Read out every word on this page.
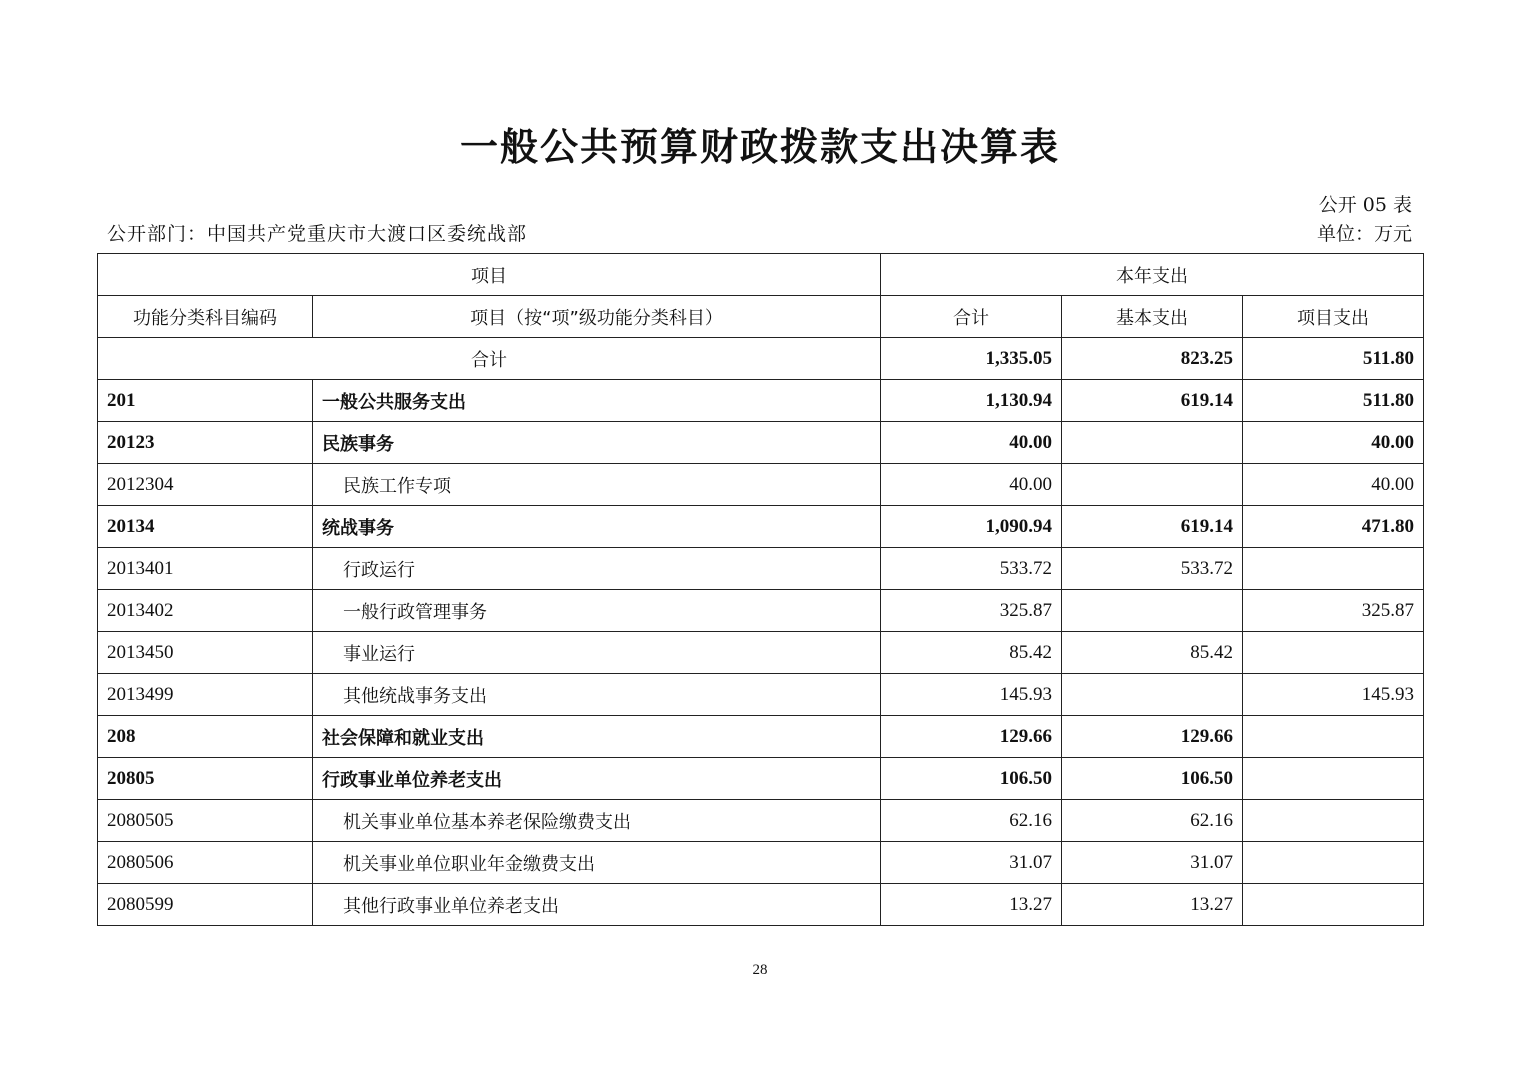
一般公共预算财政拨款支出决算表
公开 05 表
公开部门：中国共产党重庆市大渡口区委统战部	单位：万元
项目		本年支出		
功能分类科目编码	项目（按“项”级功能分类科目）	合计	基本支出	项目支出
合计		1,335.05	823.25	511.80
201	一般公共服务支出	1,130.94	619.14	511.80
20123	民族事务	40.00		40.00
2012304	民族工作专项	40.00		40.00
20134	统战事务	1,090.94	619.14	471.80
2013401	行政运行	533.72	533.72	
2013402	一般行政管理事务	325.87		325.87
2013450	事业运行	85.42	85.42	
2013499	其他统战事务支出	145.93		145.93
208	社会保障和就业支出	129.66	129.66	
20805	行政事业单位养老支出	106.50	106.50	
2080505	机关事业单位基本养老保险缴费支出	62.16	62.16	
2080506	机关事业单位职业年金缴费支出	31.07	31.07	
2080599	其他行政事业单位养老支出	13.27	13.27	
28
